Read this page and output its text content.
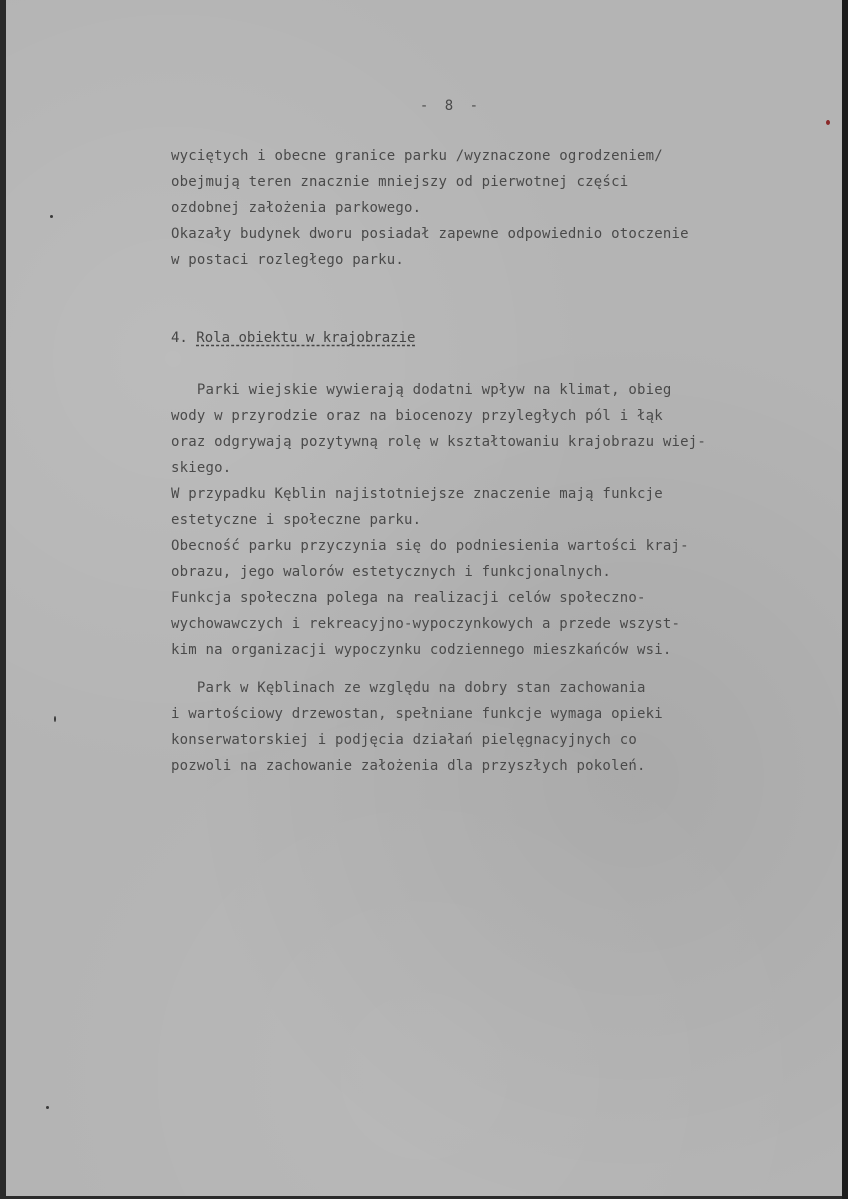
- 8 -
wyciętych i obecne granice parku /wyznaczone ogrodzeniem/
obejmują teren znacznie mniejszy od pierwotnej części
ozdobnej założenia parkowego.
Okazały budynek dworu posiadał zapewne odpowiednio otoczenie
w postaci rozległego parku.
4. Rola obiektu w krajobrazie
Parki wiejskie wywierają dodatni wpływ na klimat, obieg
wody w przyrodzie oraz na biocenozy przyległych pól i łąk
oraz odgrywają pozytywną rolę w kształtowaniu krajobrazu wiej-
skiego.
W przypadku Kęblin najistotniejsze znaczenie mają funkcje
estetyczne i społeczne parku.
Obecność parku przyczynia się do podniesienia wartości kraj-
obrazu, jego walorów estetycznych i funkcjonalnych.
Funkcja społeczna polega na realizacji celów społeczno-
wychowawczych i rekreacyjno-wypoczynkowych a przede wszyst-
kim na organizacji wypoczynku codziennego mieszkańców wsi.
Park w Kęblinach ze względu na dobry stan zachowania
i wartościowy drzewostan, spełniane funkcje wymaga opieki
konserwatorskiej i podjęcia działań pielęgnacyjnych co
pozwoli na zachowanie założenia dla przyszłych pokoleń.
